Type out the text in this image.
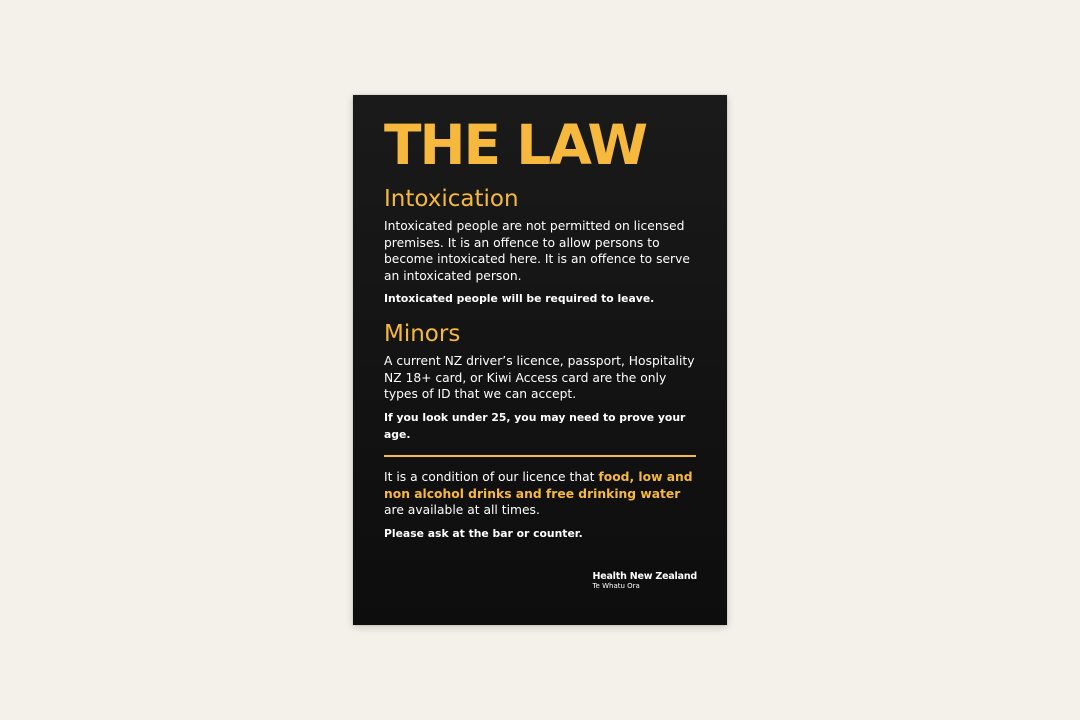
THE LAW
Intoxication

Intoxicated people are not permitted on licensed premises. It is an offence to allow persons to become intoxicated here. It is an offence to serve an intoxicated person.

Intoxicated people will be required to leave.

Minors

A current NZ driver’s licence, passport, Hospitality NZ 18+ card, or Kiwi Access card are the only types of ID that we can accept.

If you look under 25, you may need to prove your age.

It is a condition of our licence that food, low and non alcohol drinks and free drinking water are available at all times.

Please ask at the bar or counter.

Health New Zealand
Te Whatu Ora
